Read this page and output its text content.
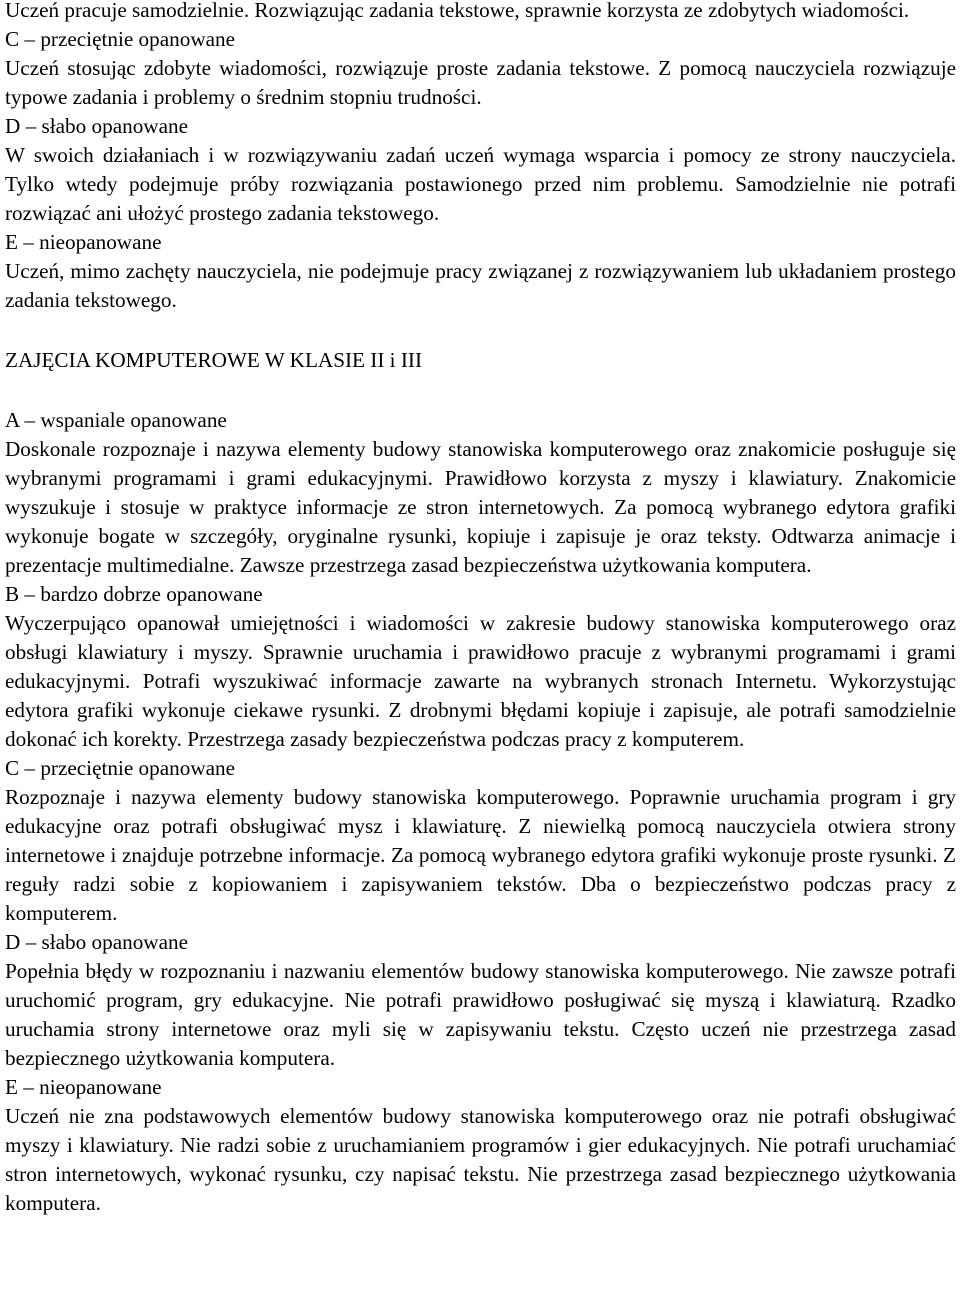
Uczeń pracuje samodzielnie. Rozwiązując zadania tekstowe, sprawnie korzysta ze zdobytych wiadomości.

C – przeciętnie opanowane

Uczeń stosując zdobyte wiadomości, rozwiązuje proste zadania tekstowe. Z pomocą nauczyciela rozwiązuje typowe zadania i problemy o średnim stopniu trudności.

D – słabo opanowane

W swoich działaniach i w rozwiązywaniu zadań uczeń wymaga wsparcia i pomocy ze strony nauczyciela. Tylko wtedy podejmuje próby rozwiązania postawionego przed nim problemu. Samodzielnie nie potrafi rozwiązać ani ułożyć prostego zadania tekstowego.

E – nieopanowane

Uczeń, mimo zachęty nauczyciela, nie podejmuje pracy związanej z rozwiązywaniem lub układaniem prostego zadania tekstowego.

ZAJĘCIA KOMPUTEROWE W KLASIE II i III
A – wspaniale opanowane

Doskonale rozpoznaje i nazywa elementy budowy stanowiska komputerowego oraz znakomicie posługuje się wybranymi programami i grami edukacyjnymi. Prawidłowo korzysta z myszy i klawiatury. Znakomicie wyszukuje i stosuje w praktyce informacje ze stron internetowych. Za pomocą wybranego edytora grafiki wykonuje bogate w szczegóły, oryginalne rysunki, kopiuje i zapisuje je oraz teksty. Odtwarza animacje i prezentacje multimedialne. Zawsze przestrzega zasad bezpieczeństwa użytkowania komputera.

B – bardzo dobrze opanowane

Wyczerpująco opanował umiejętności i wiadomości w zakresie budowy stanowiska komputerowego oraz obsługi klawiatury i myszy. Sprawnie uruchamia i prawidłowo pracuje z wybranymi programami i grami edukacyjnymi. Potrafi wyszukiwać informacje zawarte na wybranych stronach Internetu. Wykorzystując edytora grafiki wykonuje ciekawe rysunki. Z drobnymi błędami kopiuje i zapisuje, ale potrafi samodzielnie dokonać ich korekty. Przestrzega zasady bezpieczeństwa podczas pracy z komputerem.

C – przeciętnie opanowane

Rozpoznaje i nazywa elementy budowy stanowiska komputerowego. Poprawnie uruchamia program i gry edukacyjne oraz potrafi obsługiwać mysz i klawiaturę. Z niewielką pomocą nauczyciela otwiera strony internetowe i znajduje potrzebne informacje. Za pomocą wybranego edytora grafiki wykonuje proste rysunki. Z reguły radzi sobie z kopiowaniem i zapisywaniem tekstów. Dba o bezpieczeństwo podczas pracy z komputerem.

D – słabo opanowane

Popełnia błędy w rozpoznaniu i nazwaniu elementów budowy stanowiska komputerowego. Nie zawsze potrafi uruchomić program, gry edukacyjne. Nie potrafi prawidłowo posługiwać się myszą i klawiaturą. Rzadko uruchamia strony internetowe oraz myli się w zapisywaniu tekstu. Często uczeń nie przestrzega zasad bezpiecznego użytkowania komputera.

E – nieopanowane

Uczeń nie zna podstawowych elementów budowy stanowiska komputerowego oraz nie potrafi obsługiwać myszy i klawiatury. Nie radzi sobie z uruchamianiem programów i gier edukacyjnych. Nie potrafi uruchamiać stron internetowych, wykonać rysunku, czy napisać tekstu. Nie przestrzega zasad bezpiecznego użytkowania komputera.
